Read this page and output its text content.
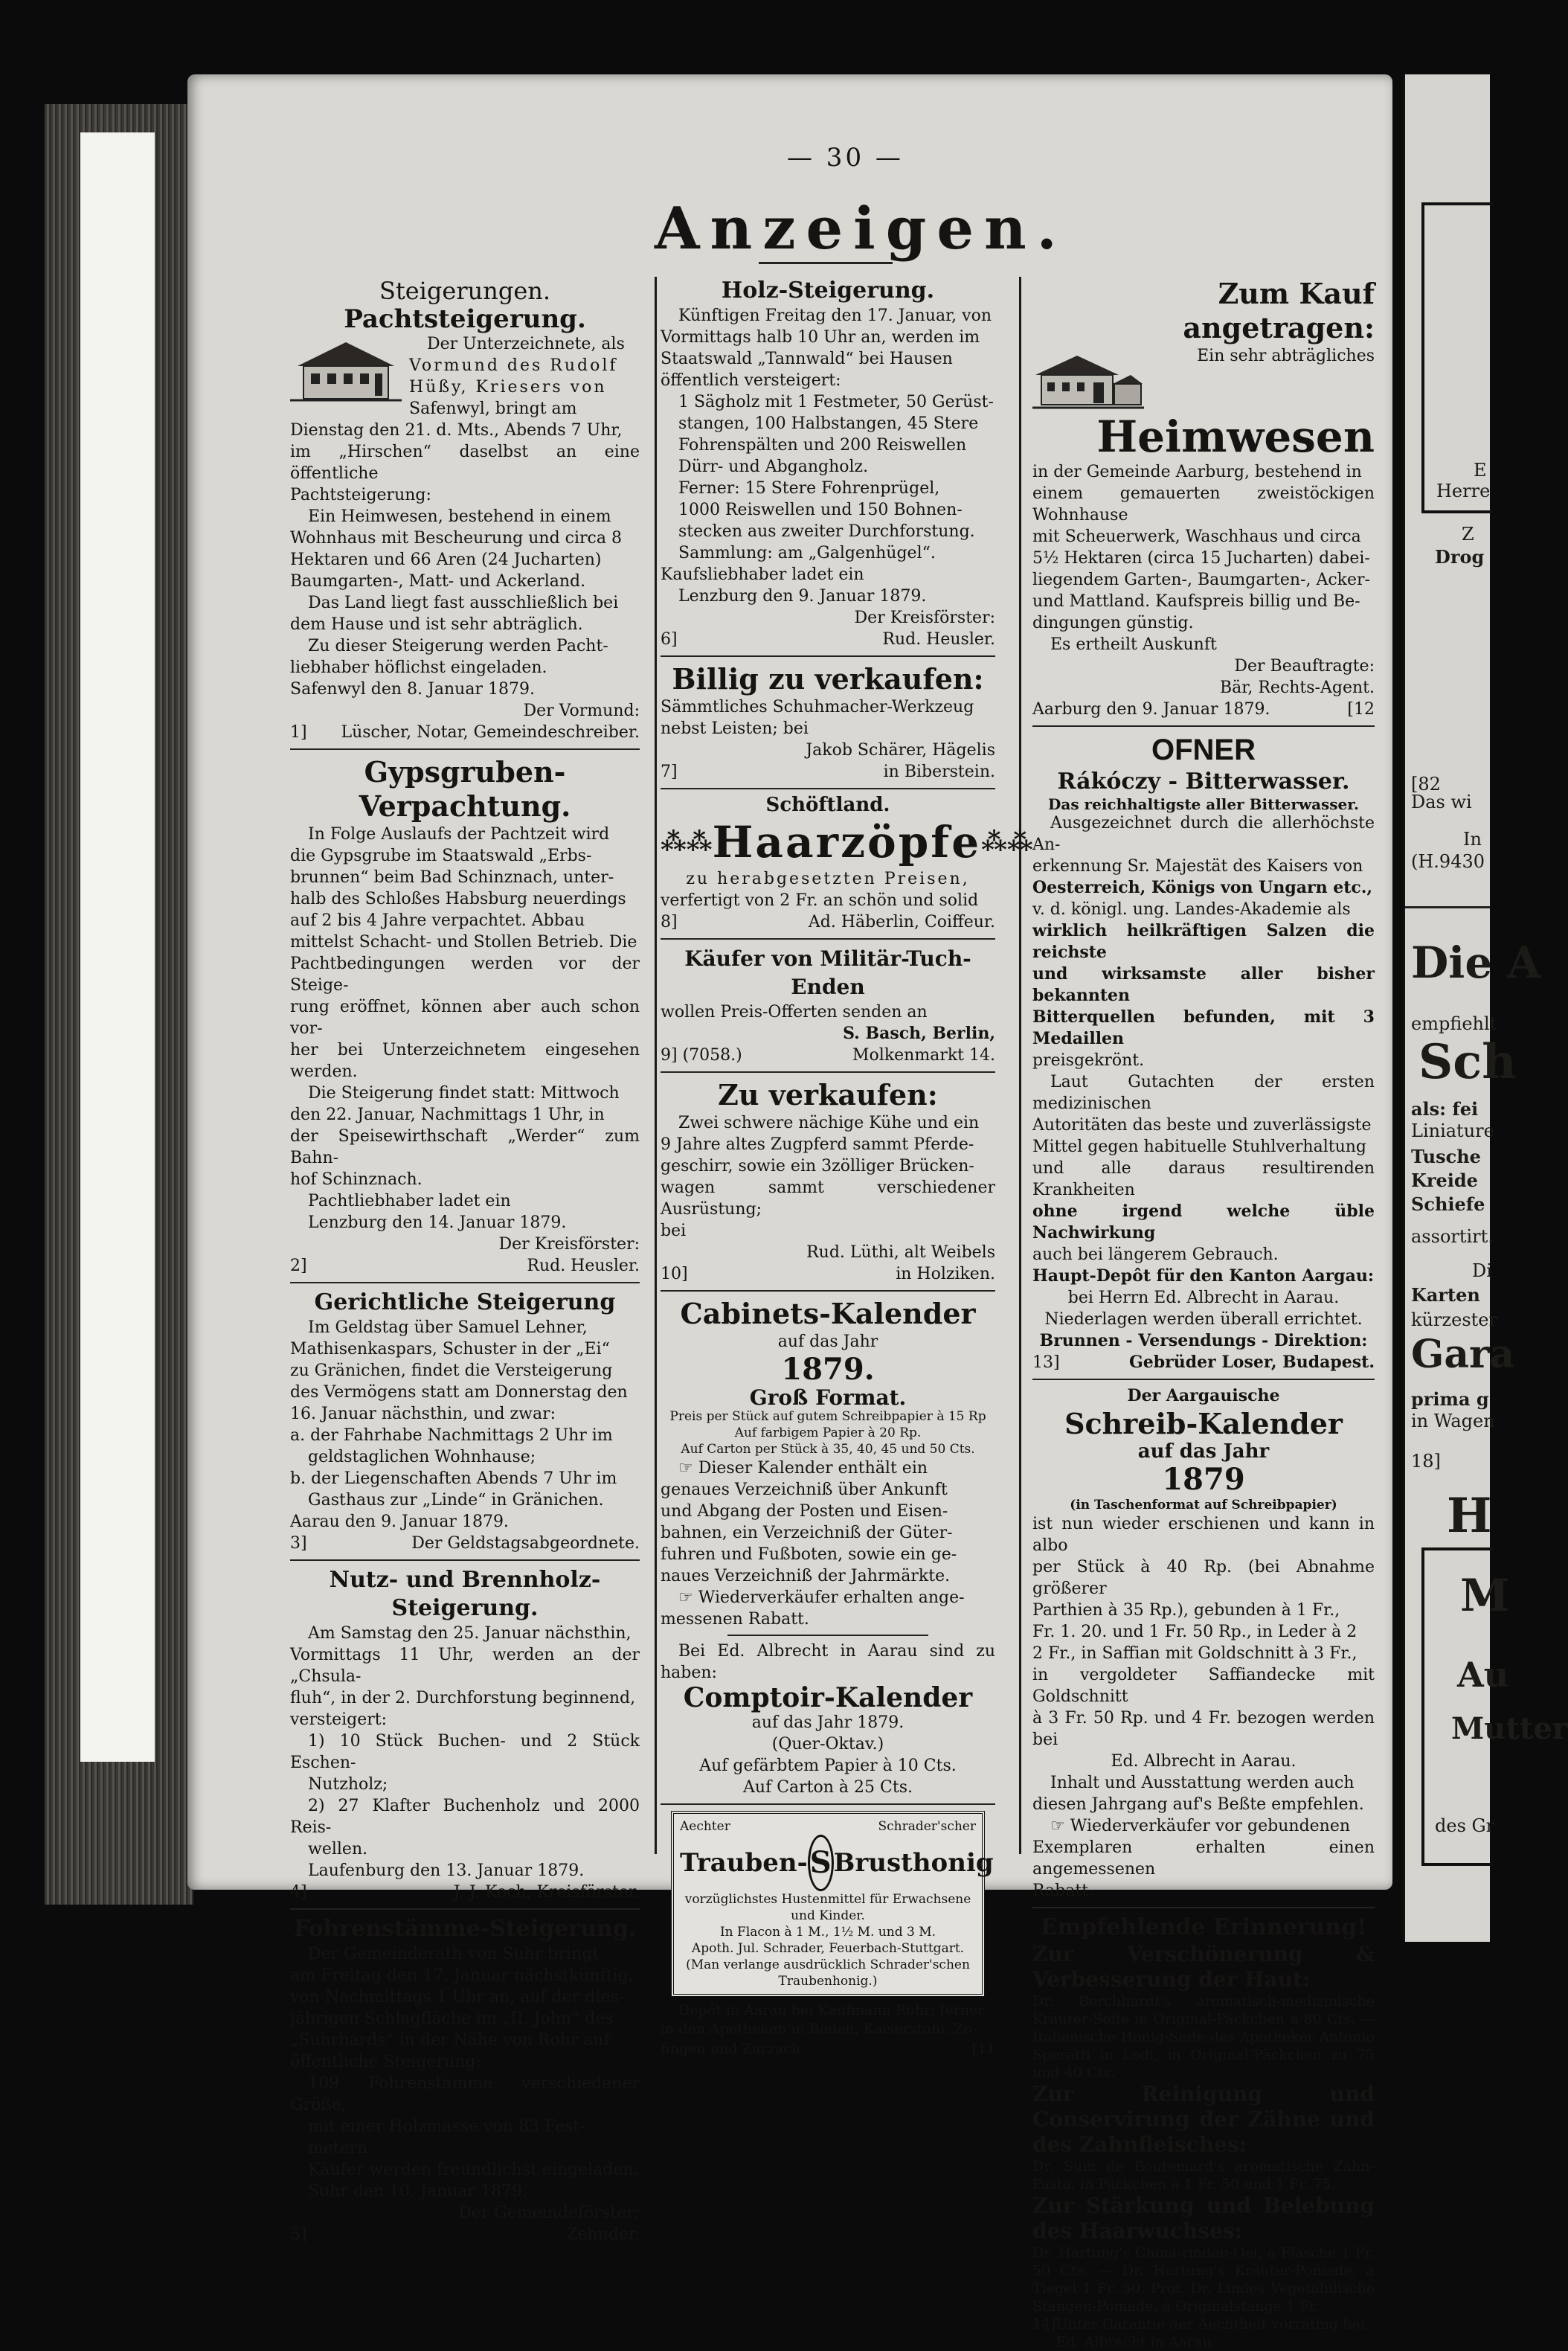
E
Herre
Z
Drog
[82
Das wi
In
(H.9430
Die A
empfiehlt
Sch
als: fei
Liniature
Tusche
Kreide
Schiefe
assortirt.
Di
Karten
kürzester
Gara
prima g
in Wagen
18]
H
M
Au
Mutter
des Gr
— 30 —
Anzeigen.
Steigerungen.
Pachtsteigerung.

Der Unterzeichnete, als

Vormund des Rudolf

Hüßy, Kriesers von

Safenwyl, bringt am

Dienstag den 21. d. Mts., Abends 7 Uhr,

im „Hirschen“ daselbst an eine öffentliche

Pachtsteigerung:

Ein Heimwesen, bestehend in einem

Wohnhaus mit Bescheurung und circa 8

Hektaren und 66 Aren (24 Jucharten)

Baumgarten-, Matt- und Ackerland.

Das Land liegt fast ausschließlich bei

dem Hause und ist sehr abträglich.

Zu dieser Steigerung werden Pacht-

liebhaber höflichst eingeladen.

Safenwyl den 8. Januar 1879.

Der Vormund:

1] Lüscher, Notar, Gemeindeschreiber.
Gypsgruben-Verpachtung.

In Folge Auslaufs der Pachtzeit wird

die Gypsgrube im Staatswald „Erbs-

brunnen“ beim Bad Schinznach, unter-

halb des Schloßes Habsburg neuerdings

auf 2 bis 4 Jahre verpachtet. Abbau

mittelst Schacht- und Stollen Betrieb. Die

Pachtbedingungen werden vor der Steige-

rung eröffnet, können aber auch schon vor-

her bei Unterzeichnetem eingesehen werden.

Die Steigerung findet statt: Mittwoch

den 22. Januar, Nachmittags 1 Uhr, in

der Speisewirthschaft „Werder“ zum Bahn-

hof Schinznach.

Pachtliebhaber ladet ein

Lenzburg den 14. Januar 1879.

Der Kreisförster:

2]	Rud. Heusler.
Gerichtliche Steigerung

Im Geldstag über Samuel Lehner,

Mathisenkaspars, Schuster in der „Ei“

zu Gränichen, findet die Versteigerung

des Vermögens statt am Donnerstag den

16. Januar nächsthin, und zwar:

a. der Fahrhabe Nachmittags 2 Uhr im

geldstaglichen Wohnhause;

b. der Liegenschaften Abends 7 Uhr im

Gasthaus zur „Linde“ in Gränichen.

Aarau den 9. Januar 1879.

3]	Der Geldstagsabgeordnete.
Nutz- und Brennholz-Steigerung.

Am Samstag den 25. Januar nächsthin,

Vormittags 11 Uhr, werden an der „Chsula-

fluh“, in der 2. Durchforstung beginnend,

versteigert:

1) 10 Stück Buchen- und 2 Stück Eschen-

Nutzholz;

2) 27 Klafter Buchenholz und 2000 Reis-

wellen.

Laufenburg den 13. Januar 1879.

4]	J. J. Koch, Kreisförster.
Fohrenstämme-Steigerung.

Der Gemeinderath von Suhr bringt

am Freitag den 17. Januar nächstkünftig,

von Nachmittags 1 Uhr an, auf der dies-

jährigen Schlagfläche im „II. John“ des

„Suhrhards“ in der Nähe von Rohr auf

öffentliche Steigerung:

109 Fohrenstämme verschiedener Größe,

mit einer Holzmasse von 83 Fest-

metern.

Käufer werden freundlichst eingeladen.

Suhr den 10. Januar 1879.

Der Gemeindeförster:

5]	Zehnder.
Holz-Steigerung.

Künftigen Freitag den 17. Januar, von

Vormittags halb 10 Uhr an, werden im

Staatswald „Tannwald“ bei Hausen

öffentlich versteigert:

1 Sägholz mit 1 Festmeter, 50 Gerüst-

stangen, 100 Halbstangen, 45 Stere

Fohrenspälten und 200 Reiswellen

Dürr- und Abgangholz.

Ferner: 15 Stere Fohrenprügel,

1000 Reiswellen und 150 Bohnen-

stecken aus zweiter Durchforstung.

Sammlung: am „Galgenhügel“.

Kaufsliebhaber ladet ein

Lenzburg den 9. Januar 1879.

Der Kreisförster:

6]	Rud. Heusler.
Billig zu verkaufen:

Sämmtliches Schuhmacher-Werkzeug

nebst Leisten; bei

Jakob Schärer, Hägelis

7]	in Biberstein.
Schöftland.
⁂⁂ Haarzöpfe ⁂⁂

zu herabgesetzten Preisen,

verfertigt von 2 Fr. an schön und solid

8]	Ad. Häberlin, Coiffeur.
Käufer von Militär-Tuch-Enden

wollen Preis-Offerten senden an

S. Basch, Berlin,

9] (7058.)	Molkenmarkt 14.
Zu verkaufen:

Zwei schwere nächige Kühe und ein

9 Jahre altes Zugpferd sammt Pferde-

geschirr, sowie ein 3zölliger Brücken-

wagen sammt verschiedener Ausrüstung;

bei

Rud. Lüthi, alt Weibels

10]	in Holziken.
Cabinets-Kalender

auf das Jahr

1879.
Groß Format.

Preis per Stück auf gutem Schreibpapier à 15 Rp

Auf farbigem Papier à 20 Rp.

Auf Carton per Stück à 35, 40, 45 und 50 Cts.

☞ Dieser Kalender enthält ein

genaues Verzeichniß über Ankunft

und Abgang der Posten und Eisen-

bahnen, ein Verzeichniß der Güter-

fuhren und Fußboten, sowie ein ge-

naues Verzeichniß der Jahrmärkte.

☞ Wiederverkäufer erhalten ange-

messenen Rabatt.

Bei Ed. Albrecht in Aarau sind zu haben:

Comptoir-Kalender

auf das Jahr 1879.

(Quer-Oktav.)

Auf gefärbtem Papier à 10 Cts.

Auf Carton à 25 Cts.

Aechter	Schrader'scher
Trauben- S Brusthonig

vorzüglichstes Hustenmittel für Erwachsene und Kinder.

In Flacon à 1 M., 1½ M. und 3 M.

Apoth. Jul. Schrader, Feuerbach-Stuttgart.

(Man verlange ausdrücklich Schrader'schen Traubenhonig.)

Depôt in Aarau bei Kaufmann Rohr; ferner

in den Apotheken in Baden, Kaiserstuhl, Zo-

fingen und Zurzach.	[11
Zum Kauf angetragen:

Ein sehr abträgliches

Heimwesen

in der Gemeinde Aarburg, bestehend in

einem gemauerten zweistöckigen Wohnhause

mit Scheuerwerk, Waschhaus und circa

5½ Hektaren (circa 15 Jucharten) dabei-

liegendem Garten-, Baumgarten-, Acker-

und Mattland. Kaufspreis billig und Be-

dingungen günstig.

Es ertheilt Auskunft

Der Beauftragte:

Bär, Rechts-Agent.

Aarburg den 9. Januar 1879.	[12
OFNER
Rákóczy - Bitterwasser.

Das reichhaltigste aller Bitterwasser.

Ausgezeichnet durch die allerhöchste An-

erkennung Sr. Majestät des Kaisers von

Oesterreich, Königs von Ungarn etc.,

v. d. königl. ung. Landes-Akademie als

wirklich heilkräftigen Salzen die reichste

und wirksamste aller bisher bekannten

Bitterquellen befunden, mit 3 Medaillen

preisgekrönt.

Laut Gutachten der ersten medizinischen

Autoritäten das beste und zuverlässigste

Mittel gegen habituelle Stuhlverhaltung

und alle daraus resultirenden Krankheiten

ohne irgend welche üble Nachwirkung

auch bei längerem Gebrauch.

Haupt-Depôt für den Kanton Aargau:

bei Herrn Ed. Albrecht in Aarau.

Niederlagen werden überall errichtet.

Brunnen - Versendungs - Direktion:

13]	Gebrüder Loser, Budapest.

Der Aargauische

Schreib-Kalender

auf das Jahr

1879

(in Taschenformat auf Schreibpapier)

ist nun wieder erschienen und kann in albo

per Stück à 40 Rp. (bei Abnahme größerer

Parthien à 35 Rp.), gebunden à 1 Fr.,

Fr. 1. 20. und 1 Fr. 50 Rp., in Leder à 2

2 Fr., in Saffian mit Goldschnitt à 3 Fr.,

in vergoldeter Saffiandecke mit Goldschnitt

à 3 Fr. 50 Rp. und 4 Fr. bezogen werden bei

Ed. Albrecht in Aarau.

Inhalt und Ausstattung werden auch

diesen Jahrgang auf's Beßte empfehlen.

☞ Wiederverkäufer vor gebundenen

Exemplaren erhalten einen angemessenen

Rabatt.

Empfehlende Erinnerung!

Zur Verschönerung & Verbesserung der Haut:

Dr. Borchhardt's aromatisch-medizinische Kräuter-Seife in Original-Päckchen à 80 Cts. — Italienische Honig-Seife des Apotheker Antonio Speratti in Lodi, in Original-Päckchen zu 75 und 40 Cts.

Zur Reinigung und Conservirung der Zähne und des Zahnfleisches:

Dr. Suin de Boutemard's aromatische Zahn-Pasta, in Päckchen à 1 Fr. 50 und 1 Fr. 75.

Zur Stärkung und Belebung des Haarwuchses:

Dr. Hartung's China-rinden-Oel, à Flasche 1 Fr. 50 Cts. — Dr. Hartung's Kräuter-Pomade, à Tiegel 1 Fr. 50. Prof. Dr. Lindes Vegetabilische Stangen-Pomade, à Originalstange 1 Fr.

14] Unter Garantie der Aechtheit vorräthig bei Ed. Albrecht in Aarau.
